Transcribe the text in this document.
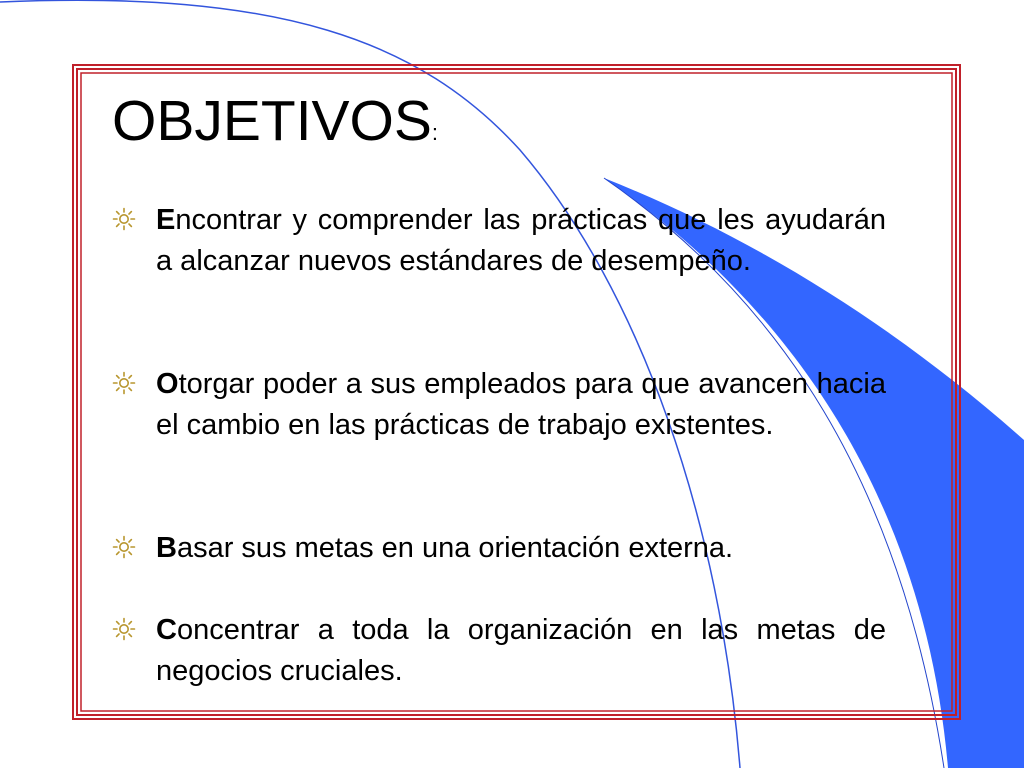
OBJETIVOS:
Encontrar y comprender las prácticas que les ayudarán a alcanzar nuevos estándares de desempeño.
Otorgar poder a sus empleados para que avancen hacia el cambio en las prácticas de trabajo existentes.
Basar sus metas en una orientación externa.
Concentrar a toda la organización en las metas de negocios cruciales.
